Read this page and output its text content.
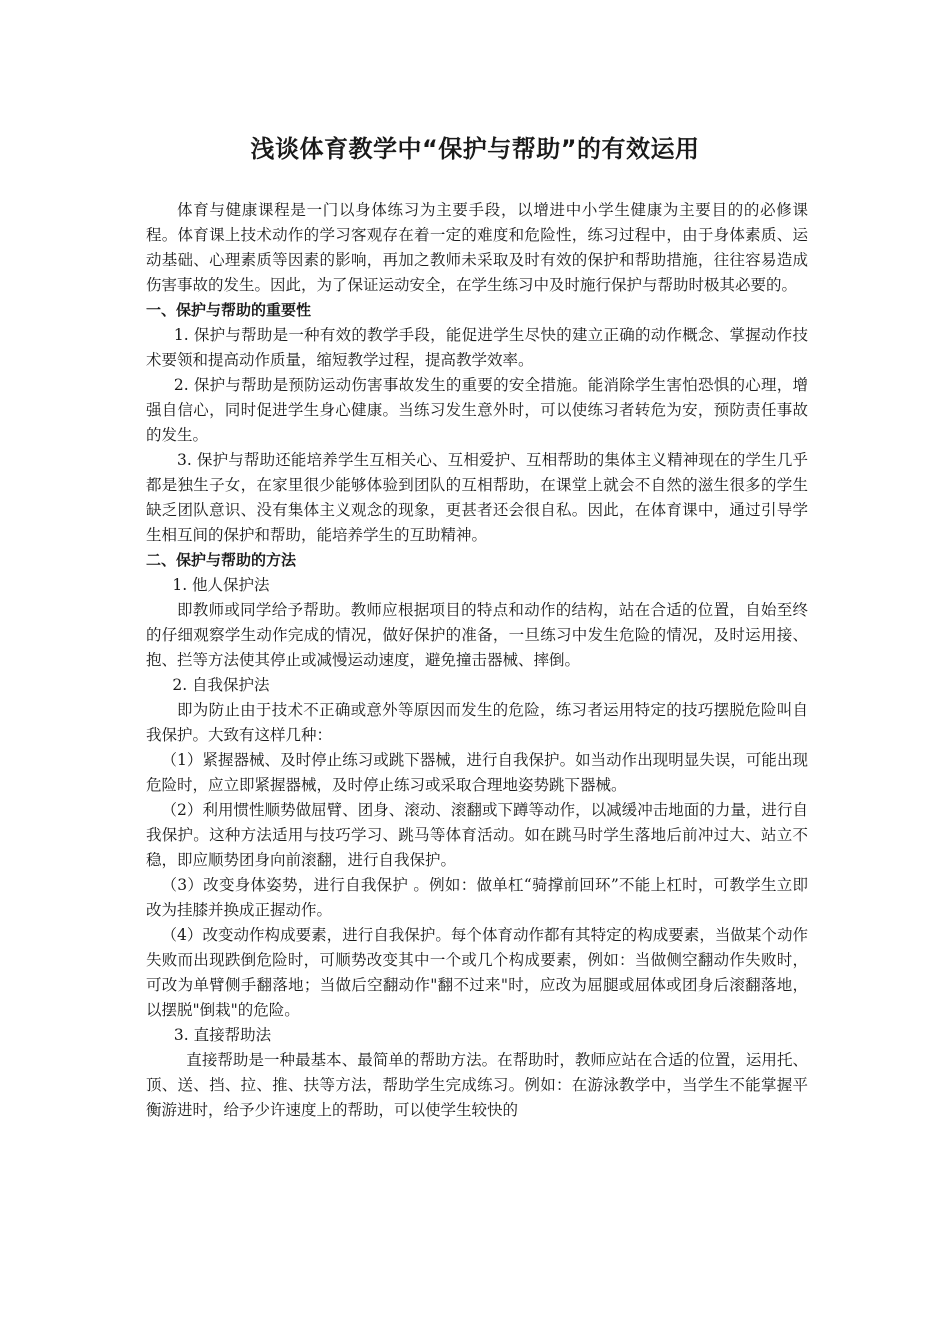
浅谈体育教学中“保护与帮助”的有效运用

体育与健康课程是一门以身体练习为主要手段，以增进中小学生健康为主要目的的必修课程。体育课上技术动作的学习客观存在着一定的难度和危险性，练习过程中，由于身体素质、运动基础、心理素质等因素的影响，再加之教师未采取及时有效的保护和帮助措施，往往容易造成伤害事故的发生。因此，为了保证运动安全，在学生练习中及时施行保护与帮助时极其必要的。

一、保护与帮助的重要性

1. 保护与帮助是一种有效的教学手段，能促进学生尽快的建立正确的动作概念、掌握动作技术要领和提高动作质量，缩短教学过程，提高教学效率。

2. 保护与帮助是预防运动伤害事故发生的重要的安全措施。能消除学生害怕恐惧的心理，增强自信心，同时促进学生身心健康。当练习发生意外时，可以使练习者转危为安，预防责任事故的发生。

3. 保护与帮助还能培养学生互相关心、互相爱护、互相帮助的集体主义精神现在的学生几乎都是独生子女，在家里很少能够体验到团队的互相帮助，在课堂上就会不自然的滋生很多的学生缺乏团队意识、没有集体主义观念的现象，更甚者还会很自私。因此，在体育课中，通过引导学生相互间的保护和帮助，能培养学生的互助精神。

二、保护与帮助的方法

1. 他人保护法

即教师或同学给予帮助。教师应根据项目的特点和动作的结构，站在合适的位置，自始至终的仔细观察学生动作完成的情况，做好保护的准备，一旦练习中发生危险的情况，及时运用接、抱、拦等方法使其停止或减慢运动速度，避免撞击器械、摔倒。

2. 自我保护法

即为防止由于技术不正确或意外等原因而发生的危险，练习者运用特定的技巧摆脱危险叫自我保护。大致有这样几种：

（1）紧握器械、及时停止练习或跳下器械，进行自我保护。如当动作出现明显失误，可能出现危险时，应立即紧握器械，及时停止练习或采取合理地姿势跳下器械。

（2）利用惯性顺势做屈臂、团身、滚动、滚翻或下蹲等动作，以减缓冲击地面的力量，进行自我保护。这种方法适用与技巧学习、跳马等体育活动。如在跳马时学生落地后前冲过大、站立不稳，即应顺势团身向前滚翻，进行自我保护。

（3）改变身体姿势，进行自我保护 。例如：做单杠“骑撑前回环”不能上杠时，可教学生立即改为挂膝并换成正握动作。

（4）改变动作构成要素，进行自我保护。每个体育动作都有其特定的构成要素，当做某个动作失败而出现跌倒危险时，可顺势改变其中一个或几个构成要素，例如：当做侧空翻动作失败时，可改为单臂侧手翻落地；当做后空翻动作"翻不过来"时，应改为屈腿或屈体或团身后滚翻落地，以摆脱"倒栽"的危险。

3. 直接帮助法

直接帮助是一种最基本、最简单的帮助方法。在帮助时，教师应站在合适的位置，运用托、顶、送、挡、拉、推、扶等方法，帮助学生完成练习。例如：在游泳教学中，当学生不能掌握平衡游进时，给予少许速度上的帮助，可以使学生较快的
